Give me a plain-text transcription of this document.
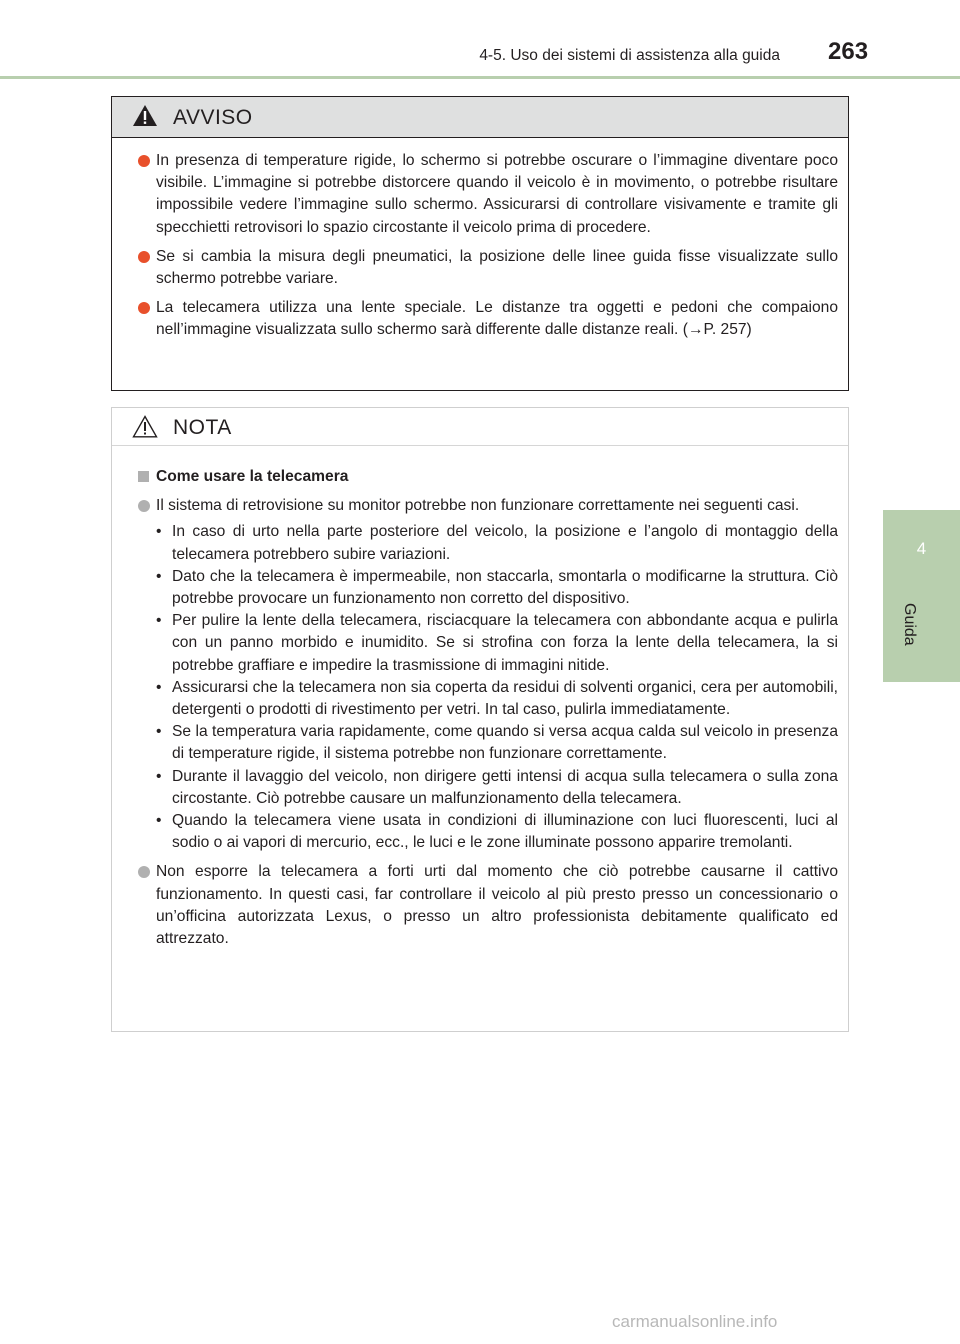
4-5. Uso dei sistemi di assistenza alla guida 263
4
Guida
AVVISO
In presenza di temperature rigide, lo schermo si potrebbe oscurare o l’immagine diventare poco visibile. L’immagine si potrebbe distorcere quando il veicolo è in movimento, o potrebbe risultare impossibile vedere l’immagine sullo schermo. Assicurarsi di controllare visivamente e tramite gli specchietti retrovisori lo spazio circostante il veicolo prima di procedere.
Se si cambia la misura degli pneumatici, la posizione delle linee guida fisse visualizzate sullo schermo potrebbe variare.
La telecamera utilizza una lente speciale. Le distanze tra oggetti e pedoni che compaiono nell’immagine visualizzata sullo schermo sarà differente dalle distanze reali. (→P. 257)
NOTA
Come usare la telecamera
Il sistema di retrovisione su monitor potrebbe non funzionare correttamente nei seguenti casi.
• In caso di urto nella parte posteriore del veicolo, la posizione e l’angolo di montaggio della telecamera potrebbero subire variazioni.
• Dato che la telecamera è impermeabile, non staccarla, smontarla o modificarne la struttura. Ciò potrebbe provocare un funzionamento non corretto del dispositivo.
• Per pulire la lente della telecamera, risciacquare la telecamera con abbondante acqua e pulirla con un panno morbido e inumidito. Se si strofina con forza la lente della telecamera, la si potrebbe graffiare e impedire la trasmissione di immagini nitide.
• Assicurarsi che la telecamera non sia coperta da residui di solventi organici, cera per automobili, detergenti o prodotti di rivestimento per vetri. In tal caso, pulirla immediatamente.
• Se la temperatura varia rapidamente, come quando si versa acqua calda sul veicolo in presenza di temperature rigide, il sistema potrebbe non funzionare correttamente.
• Durante il lavaggio del veicolo, non dirigere getti intensi di acqua sulla telecamera o sulla zona circostante. Ciò potrebbe causare un malfunzionamento della telecamera.
• Quando la telecamera viene usata in condizioni di illuminazione con luci fluorescenti, luci al sodio o ai vapori di mercurio, ecc., le luci e le zone illuminate possono apparire tremolanti.
Non esporre la telecamera a forti urti dal momento che ciò potrebbe causarne il cattivo funzionamento. In questi casi, far controllare il veicolo al più presto presso un concessionario o un’officina autorizzata Lexus, o presso un altro professionista debitamente qualificato ed attrezzato.
carmanualsonline.info
